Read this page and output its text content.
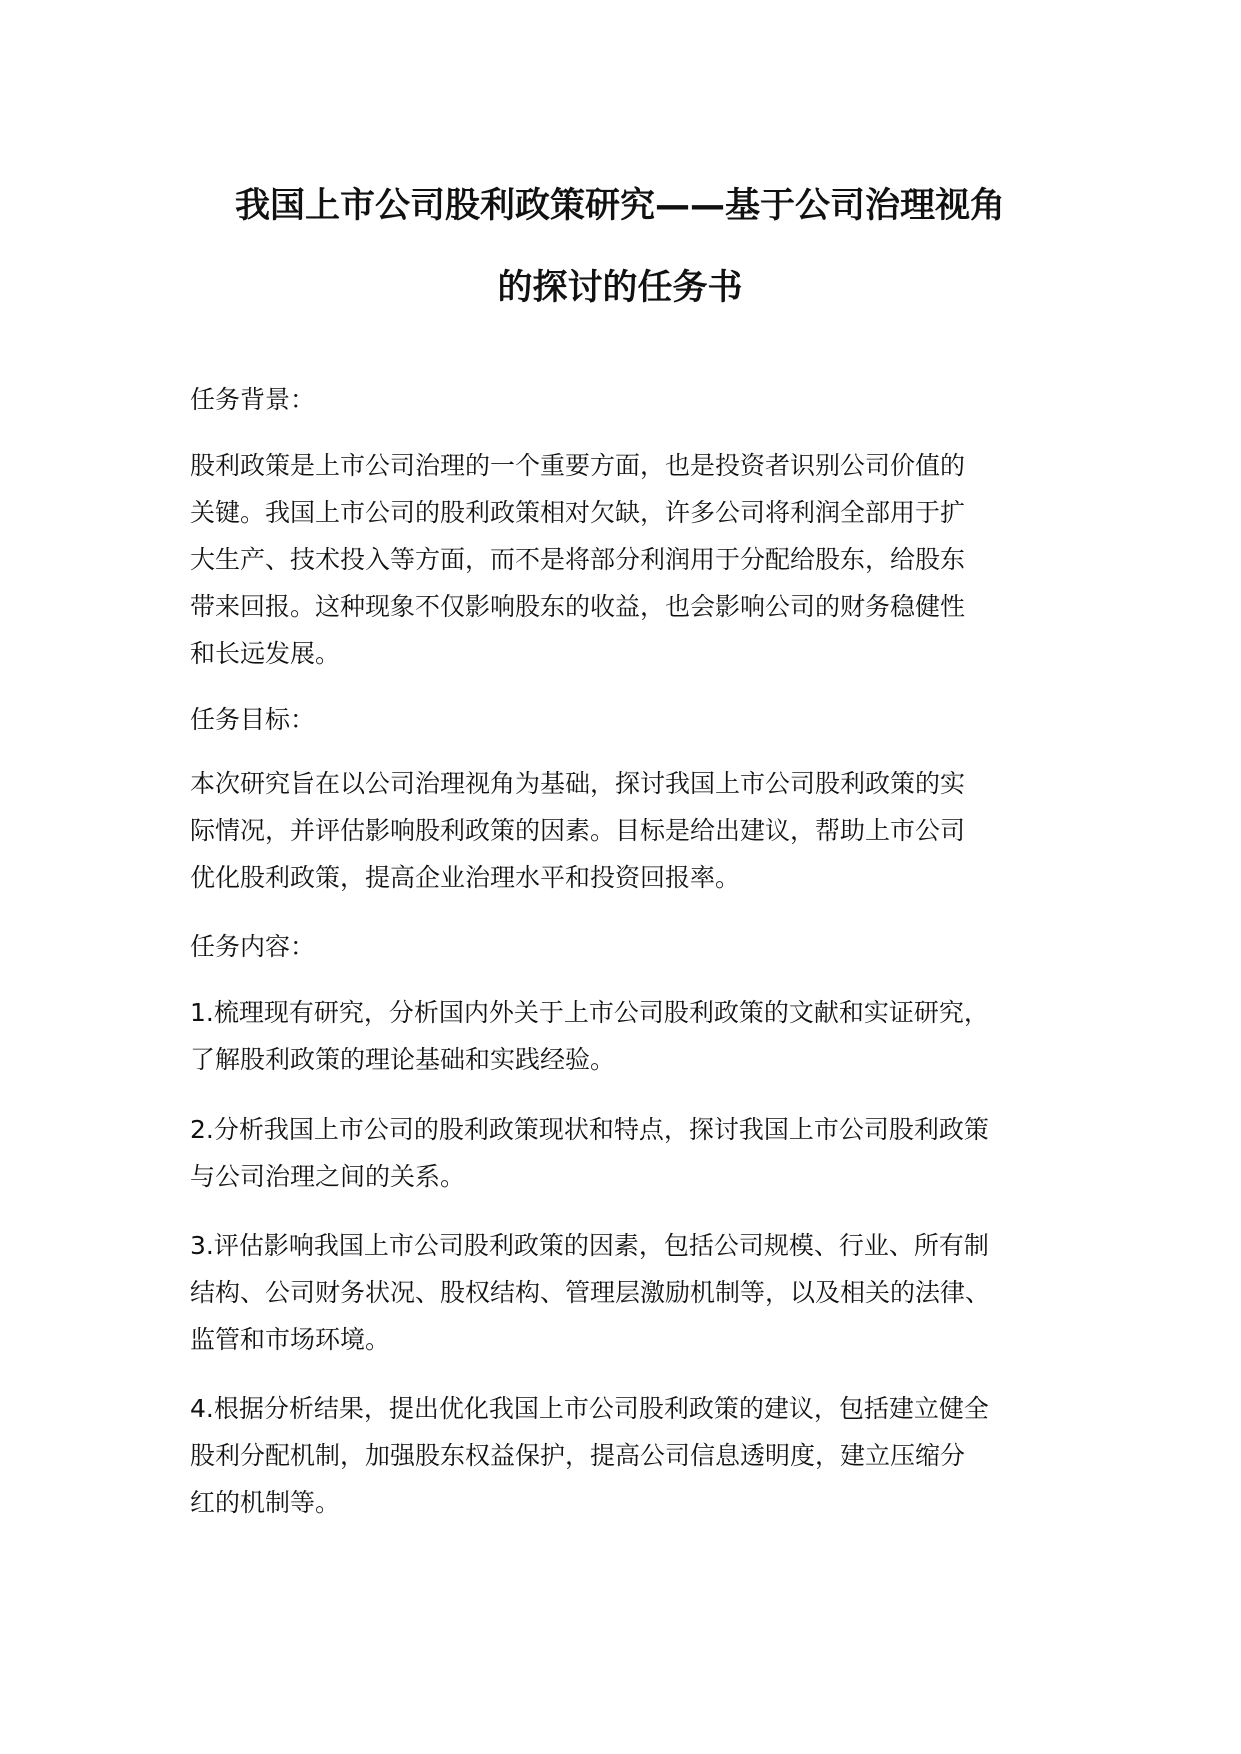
我国上市公司股利政策研究——基于公司治理视角
的探讨的任务书
任务背景：
股利政策是上市公司治理的一个重要方面，也是投资者识别公司价值的
关键。我国上市公司的股利政策相对欠缺，许多公司将利润全部用于扩
大生产、技术投入等方面，而不是将部分利润用于分配给股东，给股东
带来回报。这种现象不仅影响股东的收益，也会影响公司的财务稳健性
和长远发展。
任务目标：
本次研究旨在以公司治理视角为基础，探讨我国上市公司股利政策的实
际情况，并评估影响股利政策的因素。目标是给出建议，帮助上市公司
优化股利政策，提高企业治理水平和投资回报率。
任务内容：
1.梳理现有研究，分析国内外关于上市公司股利政策的文献和实证研究，
了解股利政策的理论基础和实践经验。
2.分析我国上市公司的股利政策现状和特点，探讨我国上市公司股利政策
与公司治理之间的关系。
3.评估影响我国上市公司股利政策的因素，包括公司规模、行业、所有制
结构、公司财务状况、股权结构、管理层激励机制等，以及相关的法律、
监管和市场环境。
4.根据分析结果，提出优化我国上市公司股利政策的建议，包括建立健全
股利分配机制，加强股东权益保护，提高公司信息透明度，建立压缩分
红的机制等。
